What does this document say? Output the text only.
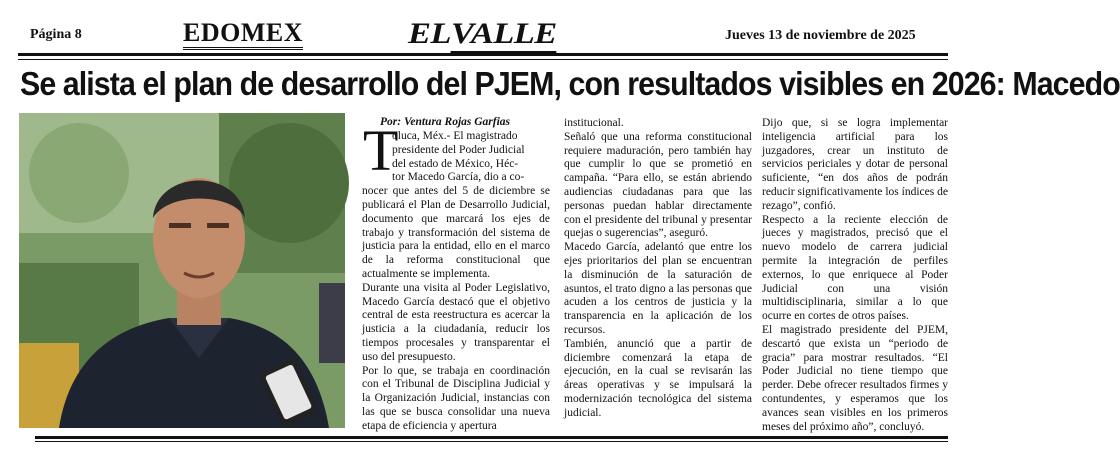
Página 8	EDOMEX	ELVALLE	Jueves 13 de noviembre de 2025
Se alista el plan de desarrollo del PJEM, con resultados visibles en 2026: Macedo
Por: Ventura Rojas Garfias
T
oluca, Méx.- El magistrado
presidente del Poder Judicial
del estado de México, Héc-
tor Macedo García, dio a co-

nocer que antes del 5 de diciembre se publicará el Plan de Desarrollo Judicial, documento que marcará los ejes de trabajo y transformación del sistema de justicia para la entidad, ello en el marco de la reforma constitucional que actualmente se implementa.

Durante una visita al Poder Legislativo, Macedo García destacó que el objetivo central de esta reestructura es acercar la justicia a la ciudadanía, reducir los tiempos procesales y transparentar el uso del presupuesto.

Por lo que, se trabaja en coordinación con el Tribunal de Disciplina Judicial y la Organización Judicial, instancias con las que se busca consolidar una nueva etapa de eficiencia y apertura

institucional.

Señaló que una reforma constitucional requiere maduración, pero también hay que cumplir lo que se prometió en campaña. “Para ello, se están abriendo audiencias ciudadanas para que las personas puedan hablar directamente con el presidente del tribunal y presentar quejas o sugerencias”, aseguró.

Macedo García, adelantó que entre los ejes prioritarios del plan se encuentran la disminución de la saturación de asuntos, el trato digno a las personas que acuden a los centros de justicia y la transparencia en la aplicación de los recursos.

También, anunció que a partir de diciembre comenzará la etapa de ejecución, en la cual se revisarán las áreas operativas y se impulsará la modernización tecnológica del sistema judicial.

Dijo que, si se logra implementar inteligencia artificial para los juzgadores, crear un instituto de servicios periciales y dotar de personal suficiente, “en dos años de podrán reducir significativamente los índices de rezago”, confió.

Respecto a la reciente elección de jueces y magistrados, precisó que el nuevo modelo de carrera judicial permite la integración de perfiles externos, lo que enriquece al Poder Judicial con una visión multidisciplinaria, similar a lo que ocurre en cortes de otros países.

El magistrado presidente del PJEM, descartó que exista un “periodo de gracia” para mostrar resultados. “El Poder Judicial no tiene tiempo que perder. Debe ofrecer resultados firmes y contundentes, y esperamos que los avances sean visibles en los primeros meses del próximo año”, concluyó.
